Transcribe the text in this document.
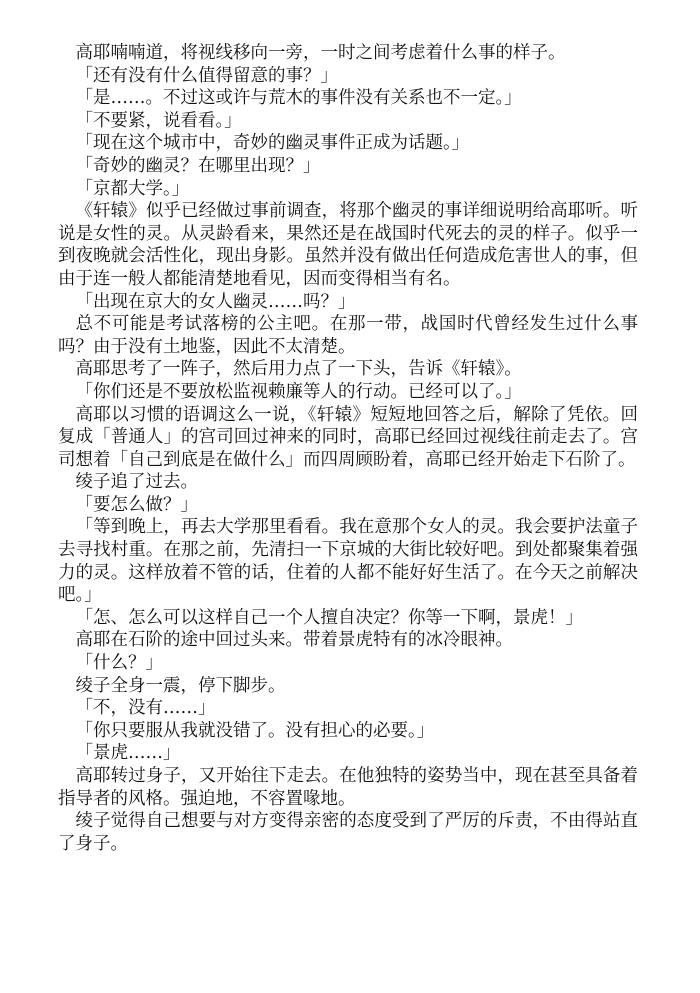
高耶喃喃道，将视线移向一旁，一时之间考虑着什么事的样子。

「还有没有什么值得留意的事？」

「是……。不过这或许与荒木的事件没有关系也不一定。」

「不要紧，说看看。」

「现在这个城市中，奇妙的幽灵事件正成为话题。」

「奇妙的幽灵？在哪里出现？」

「京都大学。」

《轩辕》似乎已经做过事前调查，将那个幽灵的事详细说明给高耶听。听说是女性的灵。从灵龄看来，果然还是在战国时代死去的灵的样子。似乎一到夜晚就会活性化，现出身影。虽然并没有做出任何造成危害世人的事，但由于连一般人都能清楚地看见，因而变得相当有名。

「出现在京大的女人幽灵……吗？」

总不可能是考试落榜的公主吧。在那一带，战国时代曾经发生过什么事吗？由于没有土地鉴，因此不太清楚。

高耶思考了一阵子，然后用力点了一下头，告诉《轩辕》。

「你们还是不要放松监视赖廉等人的行动。已经可以了。」

高耶以习惯的语调这么一说，《轩辕》短短地回答之后，解除了凭依。回复成「普通人」的宫司回过神来的同时，高耶已经回过视线往前走去了。宫司想着「自己到底是在做什么」而四周顾盼着，高耶已经开始走下石阶了。

绫子追了过去。

「要怎么做？」

「等到晚上，再去大学那里看看。我在意那个女人的灵。我会要护法童子去寻找村重。在那之前，先清扫一下京城的大街比较好吧。到处都聚集着强力的灵。这样放着不管的话，住着的人都不能好好生活了。在今天之前解决吧。」

「怎、怎么可以这样自己一个人擅自决定？你等一下啊，景虎！」

高耶在石阶的途中回过头来。带着景虎特有的冰冷眼神。

「什么？」

绫子全身一震，停下脚步。

「不，没有……」

「你只要服从我就没错了。没有担心的必要。」

「景虎……」

高耶转过身子，又开始往下走去。在他独特的姿势当中，现在甚至具备着指导者的风格。强迫地，不容置喙地。

绫子觉得自己想要与对方变得亲密的态度受到了严厉的斥责，不由得站直了身子。
